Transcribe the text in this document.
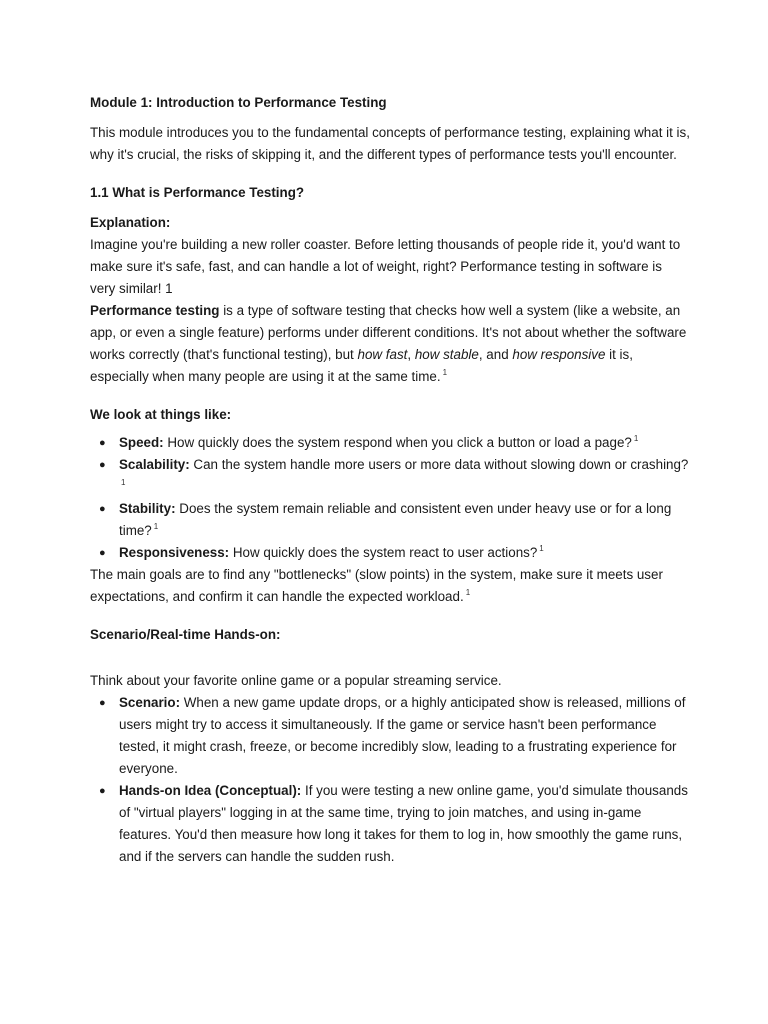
Module 1: Introduction to Performance Testing

This module introduces you to the fundamental concepts of performance testing, explaining what it is, why it's crucial, the risks of skipping it, and the different types of performance tests you'll encounter.

1.1 What is Performance Testing?

Explanation:

Imagine you're building a new roller coaster. Before letting thousands of people ride it, you'd want to make sure it's safe, fast, and can handle a lot of weight, right? Performance testing in software is very similar! 1

Performance testing is a type of software testing that checks how well a system (like a website, an app, or even a single feature) performs under different conditions. It's not about whether the software works correctly (that's functional testing), but how fast, how stable, and how responsive it is, especially when many people are using it at the same time. $^1$

We look at things like:

● Speed: How quickly does the system respond when you click a button or load a page? $^1$
● Scalability: Can the system handle more users or more data without slowing down or crashing?$^1$
● Stability: Does the system remain reliable and consistent even under heavy use or for a long time? $^1$
● Responsiveness: How quickly does the system react to user actions? $^1$

The main goals are to find any "bottlenecks" (slow points) in the system, make sure it meets user expectations, and confirm it can handle the expected workload. $^1$

Scenario/Real-time Hands-on:

Think about your favorite online game or a popular streaming service.

● Scenario: When a new game update drops, or a highly anticipated show is released, millions of users might try to access it simultaneously. If the game or service hasn't been performance tested, it might crash, freeze, or become incredibly slow, leading to a frustrating experience for everyone.
● Hands-on Idea (Conceptual): If you were testing a new online game, you'd simulate thousands of "virtual players" logging in at the same time, trying to join matches, and using in-game features. You'd then measure how long it takes for them to log in, how smoothly the game runs, and if the servers can handle the sudden rush.
